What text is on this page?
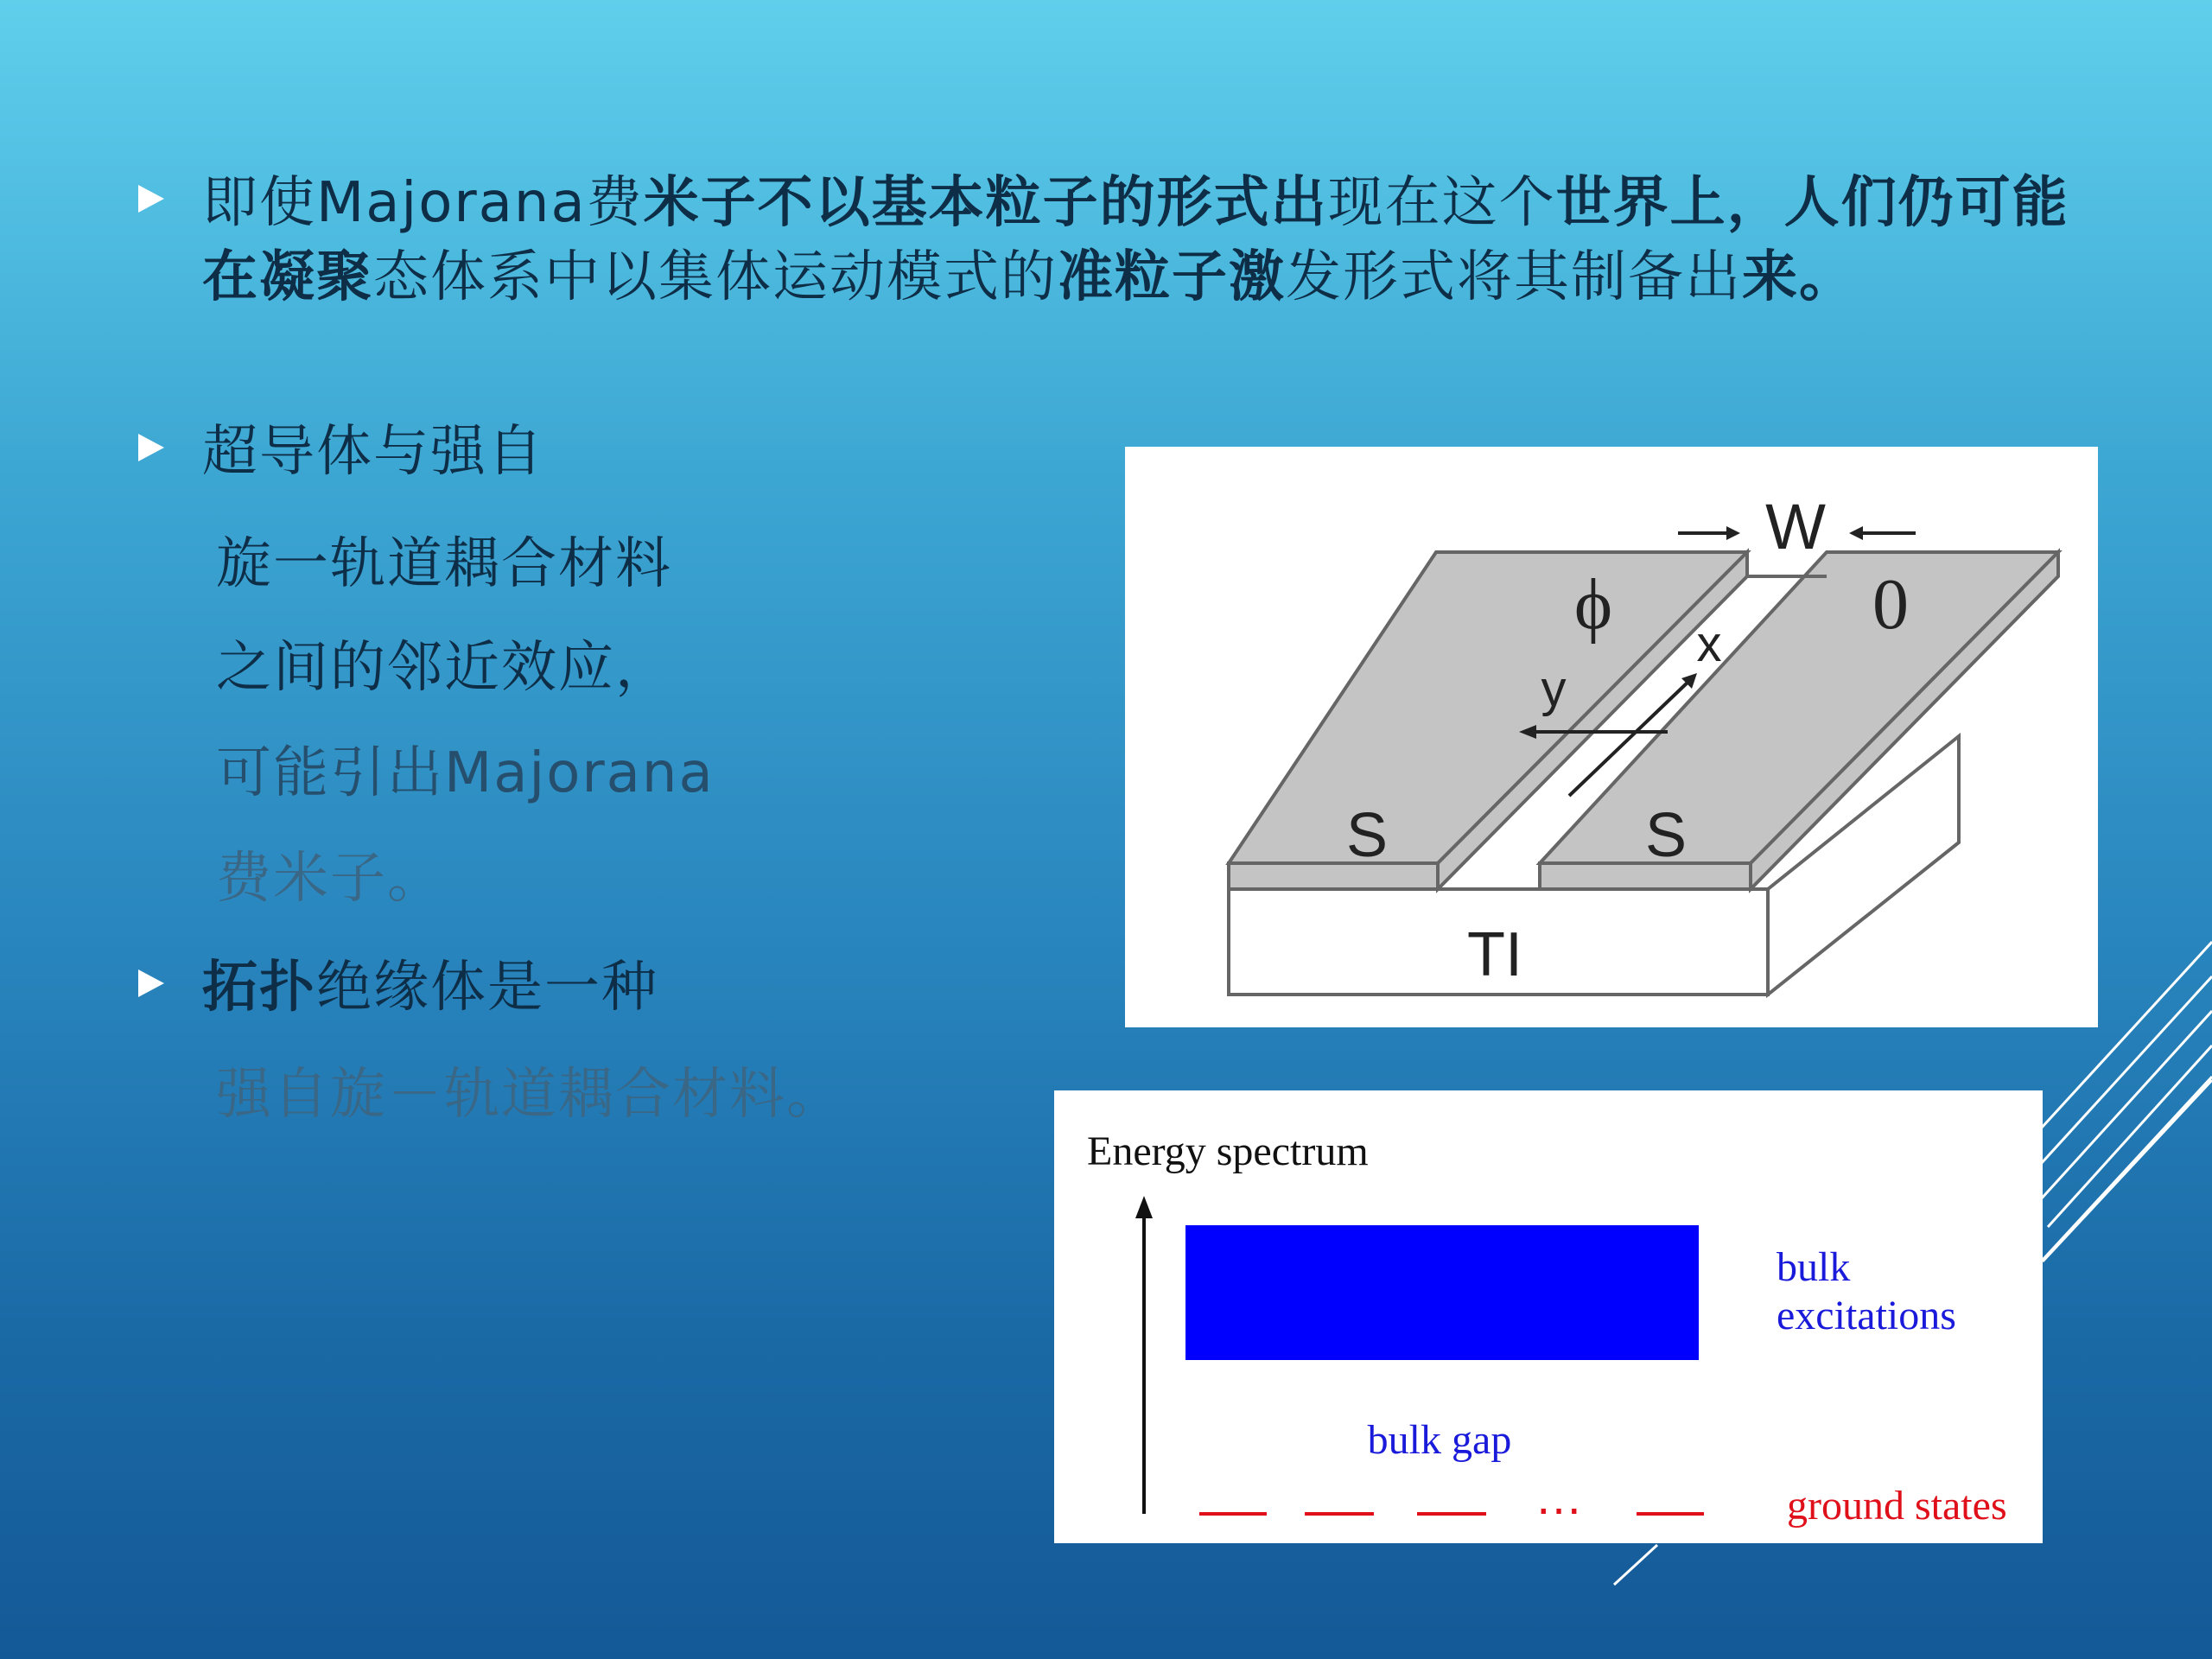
即使Majorana费米子不以基本粒子的形式出现在这个世界上，人们仍可能在凝聚态体系中以集体运动模式的准粒子激发形式将其制备出来。
超导体与强自
旋一轨道耦合材料
之间的邻近效应，
可能引出Majorana
费米子。
拓扑绝缘体是一种
强自旋－轨道耦合材料。
W
ϕ	0
x
y
S	S
TI
Energy spectrum
bulk
excitations
bulk gap
…	ground states
